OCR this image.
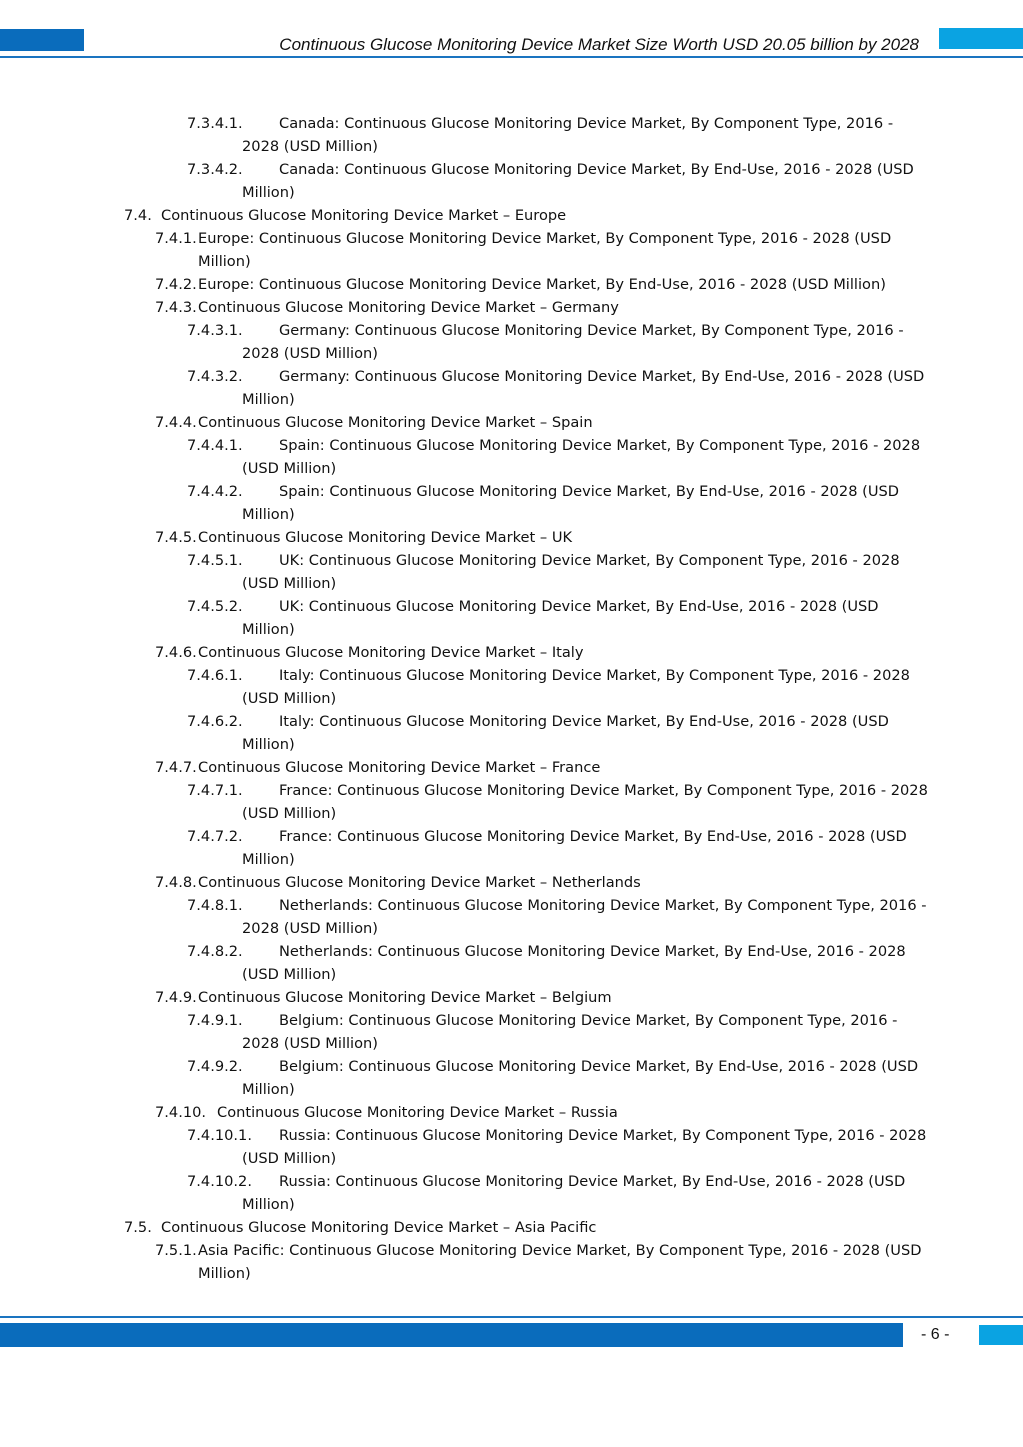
Continuous Glucose Monitoring Device Market Size Worth USD 20.05 billion by 2028
7.3.4.1.	Canada: Continuous Glucose Monitoring Device Market, By Component Type, 2016 - 2028 (USD Million)
7.3.4.2.	Canada: Continuous Glucose Monitoring Device Market, By End-Use, 2016 - 2028 (USD Million)
7.4. Continuous Glucose Monitoring Device Market – Europe
7.4.1. Europe: Continuous Glucose Monitoring Device Market, By Component Type, 2016 - 2028 (USD Million)
7.4.2. Europe: Continuous Glucose Monitoring Device Market, By End-Use, 2016 - 2028 (USD Million)
7.4.3. Continuous Glucose Monitoring Device Market – Germany
7.4.3.1.	Germany: Continuous Glucose Monitoring Device Market, By Component Type, 2016 - 2028 (USD Million)
7.4.3.2.	Germany: Continuous Glucose Monitoring Device Market, By End-Use, 2016 - 2028 (USD Million)
7.4.4. Continuous Glucose Monitoring Device Market – Spain
7.4.4.1.	Spain: Continuous Glucose Monitoring Device Market, By Component Type, 2016 - 2028 (USD Million)
7.4.4.2.	Spain: Continuous Glucose Monitoring Device Market, By End-Use, 2016 - 2028 (USD Million)
7.4.5. Continuous Glucose Monitoring Device Market – UK
7.4.5.1.	UK: Continuous Glucose Monitoring Device Market, By Component Type, 2016 - 2028 (USD Million)
7.4.5.2.	UK: Continuous Glucose Monitoring Device Market, By End-Use, 2016 - 2028 (USD Million)
7.4.6. Continuous Glucose Monitoring Device Market – Italy
7.4.6.1.	Italy: Continuous Glucose Monitoring Device Market, By Component Type, 2016 - 2028 (USD Million)
7.4.6.2.	Italy: Continuous Glucose Monitoring Device Market, By End-Use, 2016 - 2028 (USD Million)
7.4.7. Continuous Glucose Monitoring Device Market – France
7.4.7.1.	France: Continuous Glucose Monitoring Device Market, By Component Type, 2016 - 2028 (USD Million)
7.4.7.2.	France: Continuous Glucose Monitoring Device Market, By End-Use, 2016 - 2028 (USD Million)
7.4.8. Continuous Glucose Monitoring Device Market – Netherlands
7.4.8.1.	Netherlands: Continuous Glucose Monitoring Device Market, By Component Type, 2016 - 2028 (USD Million)
7.4.8.2.	Netherlands: Continuous Glucose Monitoring Device Market, By End-Use, 2016 - 2028 (USD Million)
7.4.9. Continuous Glucose Monitoring Device Market – Belgium
7.4.9.1.	Belgium: Continuous Glucose Monitoring Device Market, By Component Type, 2016 - 2028 (USD Million)
7.4.9.2.	Belgium: Continuous Glucose Monitoring Device Market, By End-Use, 2016 - 2028 (USD Million)
7.4.10. Continuous Glucose Monitoring Device Market – Russia
7.4.10.1.	Russia: Continuous Glucose Monitoring Device Market, By Component Type, 2016 - 2028 (USD Million)
7.4.10.2.	Russia: Continuous Glucose Monitoring Device Market, By End-Use, 2016 - 2028 (USD Million)
7.5. Continuous Glucose Monitoring Device Market – Asia Pacific
7.5.1. Asia Pacific: Continuous Glucose Monitoring Device Market, By Component Type, 2016 - 2028 (USD Million)
- 6 -
